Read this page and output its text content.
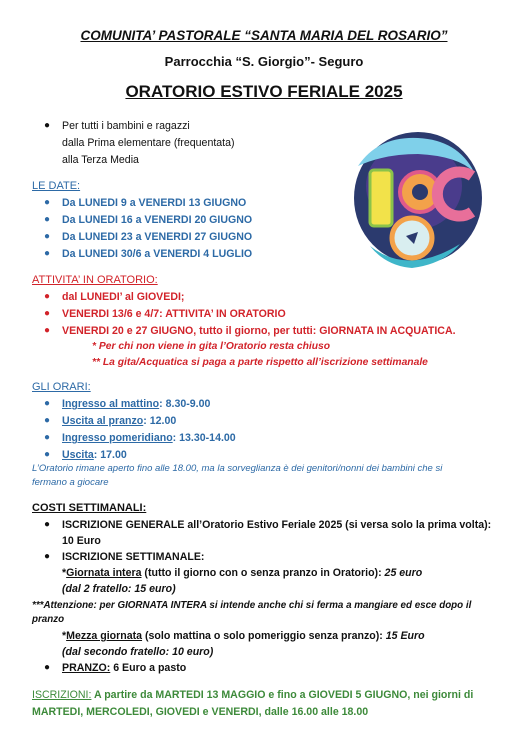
COMUNITA’ PASTORALE “SANTA MARIA DEL ROSARIO”
Parrocchia “S. Giorgio”- Seguro
ORATORIO ESTIVO FERIALE 2025
● Per tutti i bambini e ragazzi
dalla Prima elementare (frequentata)
alla Terza Media
LE DATE:
● Da LUNEDI 9 a VENERDI 13 GIUGNO
● Da LUNEDI 16 a VENERDI 20 GIUGNO
● Da LUNEDI 23 a VENERDI 27 GIUGNO
● Da LUNEDI 30/6 a VENERDI 4 LUGLIO
ATTIVITA’ IN ORATORIO:
● dal LUNEDI’ al GIOVEDI;
● VENERDI 13/6 e 4/7: ATTIVITA’ IN ORATORIO
● VENERDI 20 e 27 GIUGNO, tutto il giorno, per tutti: GIORNATA IN ACQUATICA.
* Per chi non viene in gita l’Oratorio resta chiuso
** La gita/Acquatica si paga a parte rispetto all’iscrizione settimanale
GLI ORARI:
● Ingresso al mattino: 8.30-9.00
● Uscita al pranzo: 12.00
● Ingresso pomeridiano: 13.30-14.00
● Uscita: 17.00
L’Oratorio rimane aperto fino alle 18.00, ma la sorveglianza è dei genitori/nonni dei bambini che si
fermano a giocare
COSTI SETTIMANALI:
● ISCRIZIONE GENERALE all’Oratorio Estivo Feriale 2025 (si versa solo la prima volta):
10 Euro
● ISCRIZIONE SETTIMANALE:
*Giornata intera (tutto il giorno con o senza pranzo in Oratorio): 25 euro
(dal 2 fratello: 15 euro)
***Attenzione: per GIORNATA INTERA si intende anche chi si ferma a mangiare ed esce dopo il
pranzo
*Mezza giornata (solo mattina o solo pomeriggio senza pranzo): 15 Euro
(dal secondo fratello: 10 euro)
● PRANZO: 6 Euro a pasto
ISCRIZIONI: A partire da MARTEDI 13 MAGGIO e fino a GIOVEDI 5 GIUGNO, nei giorni di
MARTEDI, MERCOLEDI, GIOVEDI e VENERDI, dalle 16.00 alle 18.00
